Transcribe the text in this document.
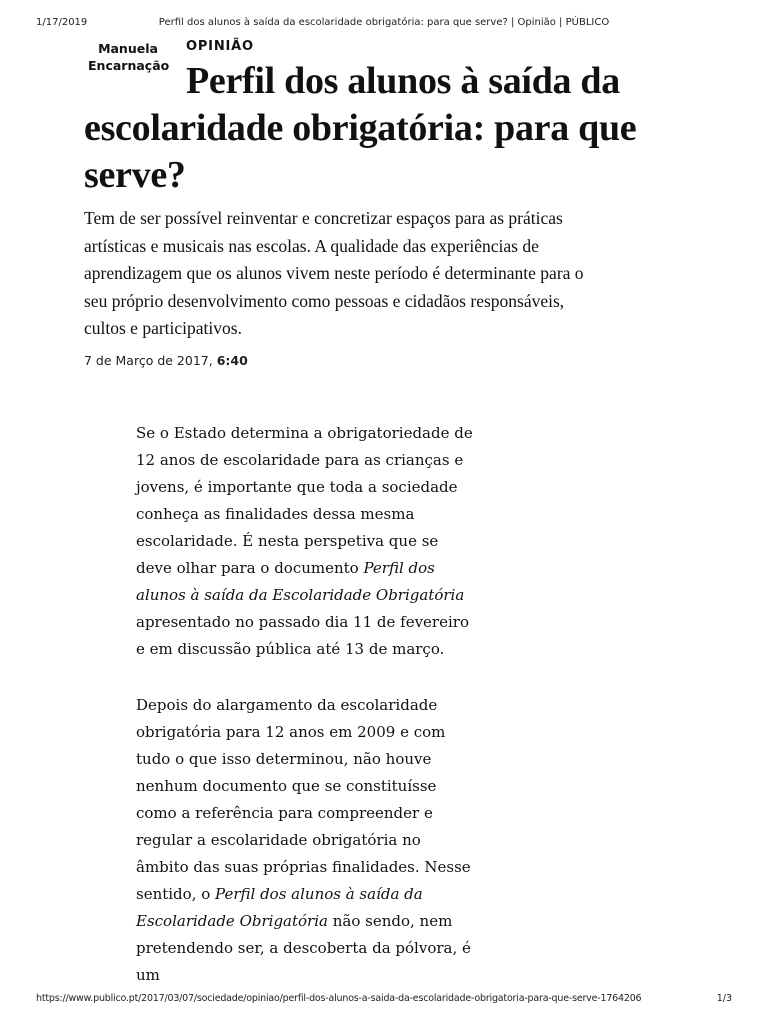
1/17/2019	Perfil dos alunos à saída da escolaridade obrigatória: para que serve? | Opinião | PÚBLICO
Manuela
Encarnação
OPINIÃO
Perfil dos alunos à saída da escolaridade obrigatória: para que serve?

Tem de ser possível reinventar e concretizar espaços para as práticas artísticas e musicais nas escolas. A qualidade das experiências de aprendizagem que os alunos vivem neste período é determinante para o seu próprio desenvolvimento como pessoas e cidadãos responsáveis, cultos e participativos.

7 de Março de 2017, 6:40

Se o Estado determina a obrigatoriedade de 12 anos de escolaridade para as crianças e jovens, é importante que toda a sociedade conheça as finalidades dessa mesma escolaridade. É nesta perspetiva que se deve olhar para o documento Perfil dos alunos à saída da Escolaridade Obrigatória apresentado no passado dia 11 de fevereiro e em discussão pública até 13 de março.

Depois do alargamento da escolaridade obrigatória para 12 anos em 2009 e com tudo o que isso determinou, não houve nenhum documento que se constituísse como a referência para compreender e regular a escolaridade obrigatória no âmbito das suas próprias finalidades. Nesse sentido, o Perfil dos alunos à saída da Escolaridade Obrigatória não sendo, nem pretendendo ser, a descoberta da pólvora, é um

https://www.publico.pt/2017/03/07/sociedade/opiniao/perfil-dos-alunos-a-saida-da-escolaridade-obrigatoria-para-que-serve-1764206	1/3
